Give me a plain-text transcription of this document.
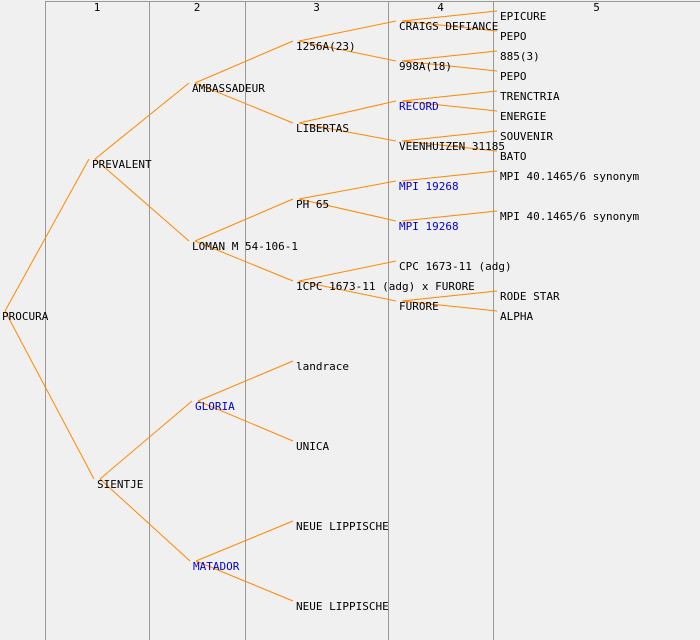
PROCURA
PREVALENT
SIENTJE
AMBASSADEUR
LOMAN M 54-106-1
GLORIA
MATADOR
1256A(23)
LIBERTAS
PH 65
1CPC 1673-11 (adg) x FURORE
landrace
UNICA
NEUE LIPPISCHE
NEUE LIPPISCHE
CRAIGS DEFIANCE
998A(18)
RECORD
VEENHUIZEN 31185
MPI 19268
MPI 19268
CPC 1673-11 (adg)
FURORE
EPICURE
PEPO
885(3)
PEPO
TRENCTRIA
ENERGIE
SOUVENIR
BATO
MPI 40.1465/6 synonym
MPI 40.1465/6 synonym
RODE STAR
ALPHA
1	2	3	4	5
